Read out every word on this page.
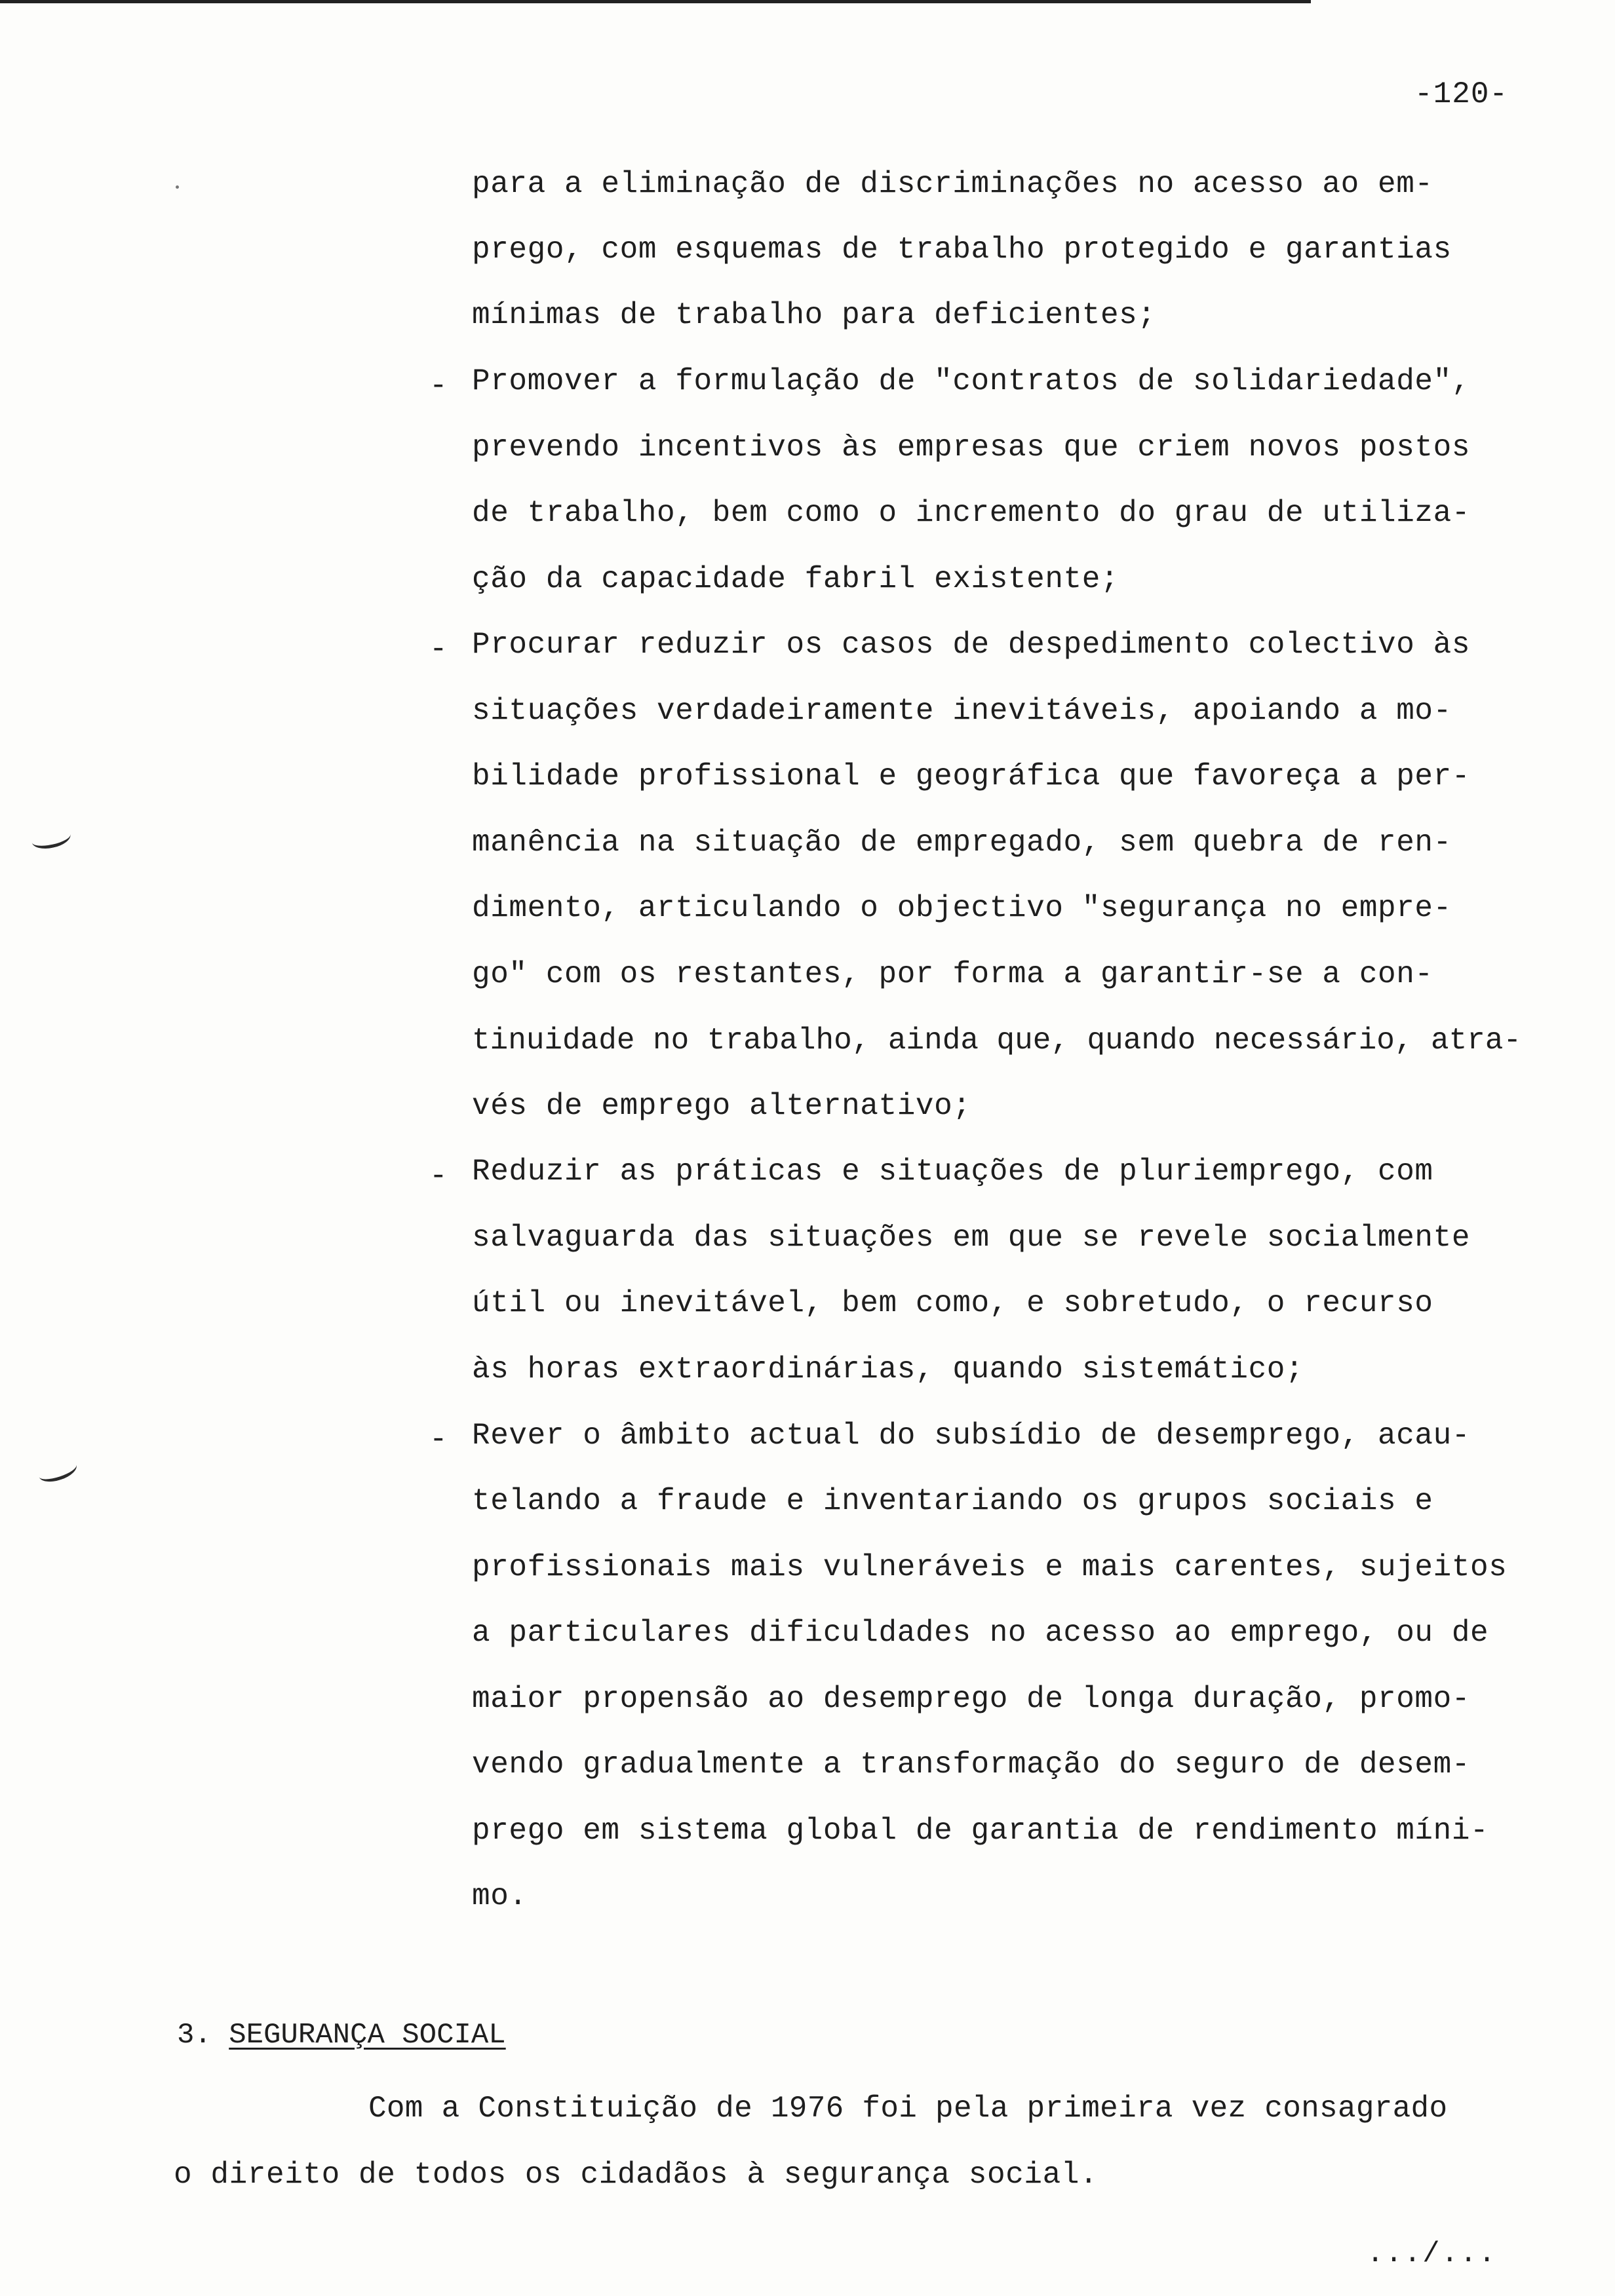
-120-
-
-
-
-
para a eliminação de discriminações no acesso ao em-
prego, com esquemas de trabalho protegido e garantias
mínimas de trabalho para deficientes;
Promover a formulação de "contratos de solidariedade",
prevendo incentivos às empresas que criem novos postos
de trabalho, bem como o incremento do grau de utiliza-
ção da capacidade fabril existente;
Procurar reduzir os casos de despedimento colectivo às
situações verdadeiramente inevitáveis, apoiando a mo-
bilidade profissional e geográfica que favoreça a per-
manência na situação de empregado, sem quebra de ren-
dimento, articulando o objectivo "segurança no empre-
go" com os restantes, por forma a garantir-se a con-
tinuidade no trabalho, ainda que, quando necessário, atra-
vés de emprego alternativo;
Reduzir as práticas e situações de pluriemprego, com
salvaguarda das situações em que se revele socialmente
útil ou inevitável, bem como, e sobretudo, o recurso
às horas extraordinárias, quando sistemático;
Rever o âmbito actual do subsídio de desemprego, acau-
telando a fraude e inventariando os grupos sociais e
profissionais mais vulneráveis e mais carentes, sujeitos
a particulares dificuldades no acesso ao emprego, ou de
maior propensão ao desemprego de longa duração, promo-
vendo gradualmente a transformação do seguro de desem-
prego em sistema global de garantia de rendimento míni-
mo.
3. SEGURANÇA SOCIAL
Com a Constituição de 1976 foi pela primeira vez consagrado
o direito de todos os cidadãos à segurança social.
.../...
